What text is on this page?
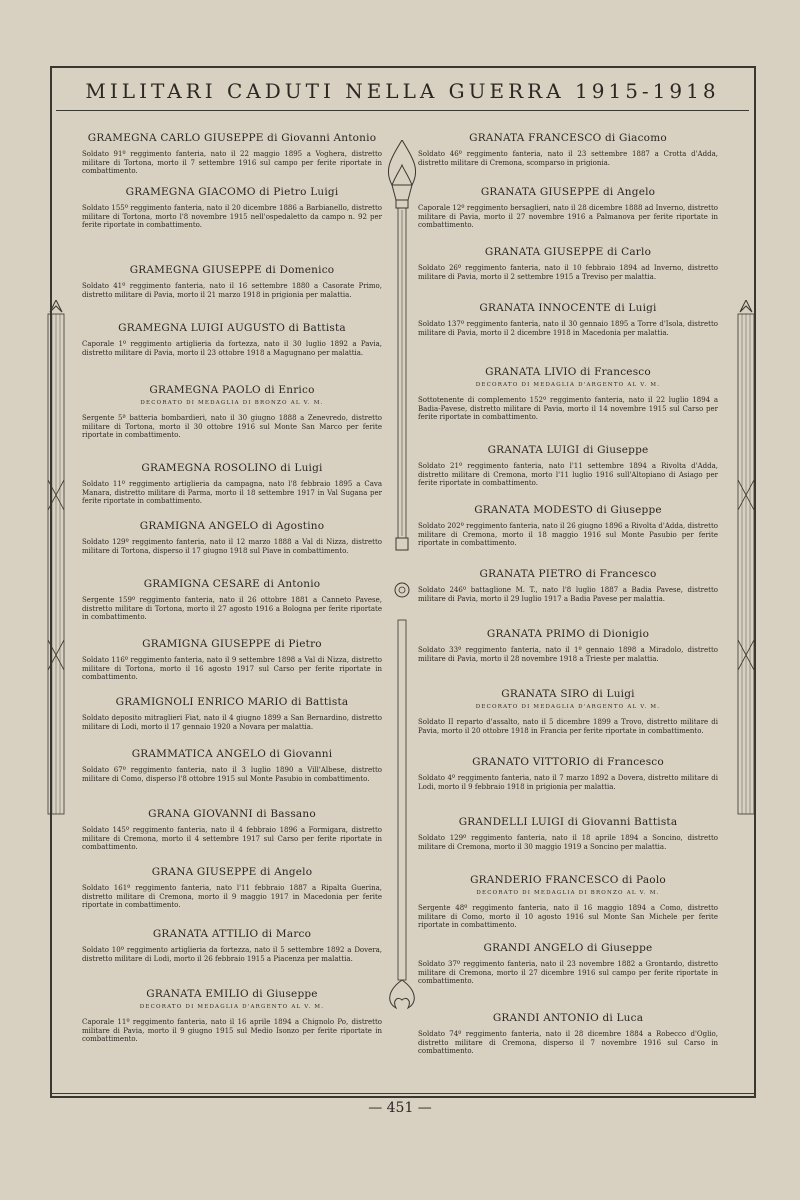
MILITARI CADUTI NELLA GUERRA 1915-1918
— 451 —
GRAMEGNA CARLO GIUSEPPE di Giovanni Antonio
Soldato 91º reggimento fanteria, nato il 22 maggio 1895 a Voghera, distretto militare di Tortona, morto il 7 settembre 1916 sul campo per ferite riportate in combattimento.
GRAMEGNA GIACOMO di Pietro Luigi
Soldato 155º reggimento fanteria, nato il 20 dicembre 1886 a Barbianello, distretto militare di Tortona, morto l'8 novembre 1915 nell'ospedaletto da campo n. 92 per ferite riportate in combattimento.
GRAMEGNA GIUSEPPE di Domenico
Soldato 41º reggimento fanteria, nato il 16 settembre 1880 a Casorate Primo, distretto militare di Pavia, morto il 21 marzo 1918 in prigionia per malattia.
GRAMEGNA LUIGI AUGUSTO di Battista
Caporale 1º reggimento artiglieria da fortezza, nato il 30 luglio 1892 a Pavia, distretto militare di Pavia, morto il 23 ottobre 1918 a Magugnano per malattia.
GRAMEGNA PAOLO di Enrico
DECORATO DI MEDAGLIA DI BRONZO AL V. M.
Sergente 5ª batteria bombardieri, nato il 30 giugno 1888 a Zenevredo, distretto militare di Tortona, morto il 30 ottobre 1916 sul Monte San Marco per ferite riportate in combattimento.
GRAMEGNA ROSOLINO di Luigi
Soldato 11º reggimento artiglieria da campagna, nato l'8 febbraio 1895 a Cava Manara, distretto militare di Parma, morto il 18 settembre 1917 in Val Sugana per ferite riportate in combattimento.
GRAMIGNA ANGELO di Agostino
Soldato 129º reggimento fanteria, nato il 12 marzo 1888 a Val di Nizza, distretto militare di Tortona, disperso il 17 giugno 1918 sul Piave in combattimento.
GRAMIGNA CESARE di Antonio
Sergente 159º reggimento fanteria, nato il 26 ottobre 1881 a Canneto Pavese, distretto militare di Tortona, morto il 27 agosto 1916 a Bologna per ferite riportate in combattimento.
GRAMIGNA GIUSEPPE di Pietro
Soldato 116º reggimento fanteria, nato il 9 settembre 1898 a Val di Nizza, distretto militare di Tortona, morto il 16 agosto 1917 sul Carso per ferite riportate in combattimento.
GRAMIGNOLI ENRICO MARIO di Battista
Soldato deposito mitraglieri Fiat, nato il 4 giugno 1899 a San Bernardino, distretto militare di Lodi, morto il 17 gennaio 1920 a Novara per malattia.
GRAMMATICA ANGELO di Giovanni
Soldato 67º reggimento fanteria, nato il 3 luglio 1890 a Vill'Albese, distretto militare di Como, disperso l'8 ottobre 1915 sul Monte Pasubio in combattimento.
GRANA GIOVANNI di Bassano
Soldato 145º reggimento fanteria, nato il 4 febbraio 1896 a Formigara, distretto militare di Cremona, morto il 4 settembre 1917 sul Carso per ferite riportate in combattimento.
GRANA GIUSEPPE di Angelo
Soldato 161º reggimento fanteria, nato l'11 febbraio 1887 a Ripalta Guerina, distretto militare di Cremona, morto il 9 maggio 1917 in Macedonia per ferite riportate in combattimento.
GRANATA ATTILIO di Marco
Soldato 10º reggimento artiglieria da fortezza, nato il 5 settembre 1892 a Dovera, distretto militare di Lodi, morto il 26 febbraio 1915 a Piacenza per malattia.
GRANATA EMILIO di Giuseppe
DECORATO DI MEDAGLIA D'ARGENTO AL V. M.
Caporale 11º reggimento fanteria, nato il 16 aprile 1894 a Chignolo Po, distretto militare di Pavia, morto il 9 giugno 1915 sul Medio Isonzo per ferite riportate in combattimento.
GRANATA FRANCESCO di Giacomo
Soldato 46º reggimento fanteria, nato il 23 settembre 1887 a Crotta d'Adda, distretto militare di Cremona, scomparso in prigionia.
GRANATA GIUSEPPE di Angelo
Caporale 12º reggimento bersaglieri, nato il 28 dicembre 1888 ad Inverno, distretto militare di Pavia, morto il 27 novembre 1916 a Palmanova per ferite riportate in combattimento.
GRANATA GIUSEPPE di Carlo
Soldato 26º reggimento fanteria, nato il 10 febbraio 1894 ad Inverno, distretto militare di Pavia, morto il 2 settembre 1915 a Treviso per malattia.
GRANATA INNOCENTE di Luigi
Soldato 137º reggimento fanteria, nato il 30 gennaio 1895 a Torre d'Isola, distretto militare di Pavia, morto il 2 dicembre 1918 in Macedonia per malattia.
GRANATA LIVIO di Francesco
DECORATO DI MEDAGLIA D'ARGENTO AL V. M.
Sottotenente di complemento 152º reggimento fanteria, nato il 22 luglio 1894 a Badia-Pavese, distretto militare di Pavia, morto il 14 novembre 1915 sul Carso per ferite riportate in combattimento.
GRANATA LUIGI di Giuseppe
Soldato 21º reggimento fanteria, nato l'11 settembre 1894 a Rivolta d'Adda, distretto militare di Cremona, morto l'11 luglio 1916 sull'Altopiano di Asiago per ferite riportate in combattimento.
GRANATA MODESTO di Giuseppe
Soldato 202º reggimento fanteria, nato il 26 giugno 1896 a Rivolta d'Adda, distretto militare di Cremona, morto il 18 maggio 1916 sul Monte Pasubio per ferite riportate in combattimento.
GRANATA PIETRO di Francesco
Soldato 246º battaglione M. T., nato l'8 luglio 1887 a Badia Pavese, distretto militare di Pavia, morto il 29 luglio 1917 a Badia Pavese per malattia.
GRANATA PRIMO di Dionigio
Soldato 33º reggimento fanteria, nato il 1º gennaio 1898 a Miradolo, distretto militare di Pavia, morto il 28 novembre 1918 a Trieste per malattia.
GRANATA SIRO di Luigi
DECORATO DI MEDAGLIA D'ARGENTO AL V. M.
Soldato II reparto d'assalto, nato il 5 dicembre 1899 a Trovo, distretto militare di Pavia, morto il 20 ottobre 1918 in Francia per ferite riportate in combattimento.
GRANATO VITTORIO di Francesco
Soldato 4º reggimento fanteria, nato il 7 marzo 1892 a Dovera, distretto militare di Lodi, morto il 9 febbraio 1918 in prigionia per malattia.
GRANDELLI LUIGI di Giovanni Battista
Soldato 129º reggimento fanteria, nato il 18 aprile 1894 a Soncino, distretto militare di Cremona, morto il 30 maggio 1919 a Soncino per malattia.
GRANDERIO FRANCESCO di Paolo
DECORATO DI MEDAGLIA DI BRONZO AL V. M.
Sergente 48º reggimento fanteria, nato il 16 maggio 1894 a Como, distretto militare di Como, morto il 10 agosto 1916 sul Monte San Michele per ferite riportate in combattimento.
GRANDI ANGELO di Giuseppe
Soldato 37º reggimento fanteria, nato il 23 novembre 1882 a Grontardo, distretto militare di Cremona, morto il 27 dicembre 1916 sul campo per ferite riportate in combattimento.
GRANDI ANTONIO di Luca
Soldato 74º reggimento fanteria, nato il 28 dicembre 1884 a Robecco d'Oglio, distretto militare di Cremona, disperso il 7 novembre 1916 sul Carso in combattimento.
